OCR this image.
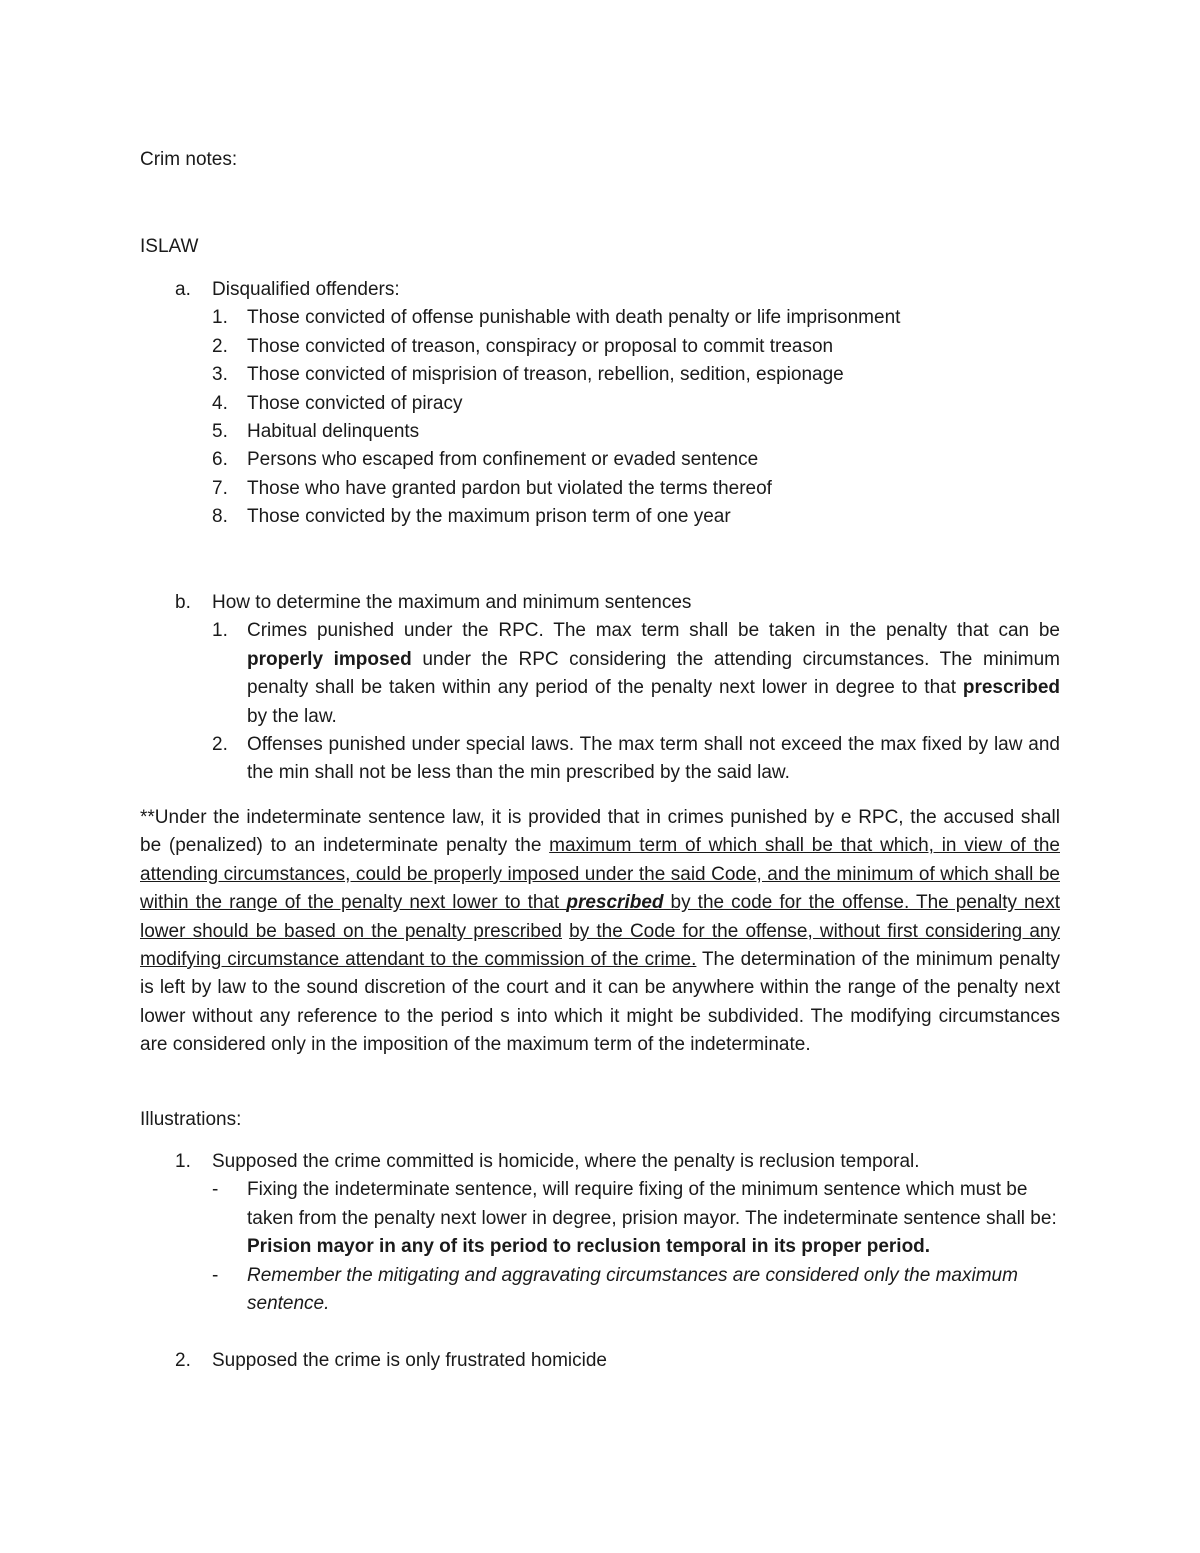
Crim notes:
ISLAW
a.	Disqualified offenders:
1.	Those convicted of offense punishable with death penalty or life imprisonment
2.	Those convicted of treason, conspiracy or proposal to commit treason
3.	Those convicted of misprision of treason, rebellion, sedition, espionage
4.	Those convicted of piracy
5.	Habitual delinquents
6.	Persons who escaped from confinement or evaded sentence
7.	Those who have granted pardon but violated the terms thereof
8.	Those convicted by the maximum prison term of one year
b.	How to determine the maximum and minimum sentences
1.	Crimes punished under the RPC. The max term shall be taken in the penalty that can be properly imposed under the RPC considering the attending circumstances. The minimum penalty shall be taken within any period of the penalty next lower in degree to that prescribed by the law.
2.	Offenses punished under special laws. The max term shall not exceed the max fixed by law and the min shall not be less than the min prescribed by the said law.

**Under the indeterminate sentence law, it is provided that in crimes punished by e RPC, the accused shall be (penalized) to an indeterminate penalty the maximum term of which shall be that which, in view of the attending circumstances, could be properly imposed under the said Code, and the minimum of which shall be within the range of the penalty next lower to that prescribed by the code for the offense. The penalty next lower should be based on the penalty prescribed by the Code for the offense, without first considering any modifying circumstance attendant to the commission of the crime. The determination of the minimum penalty is left by law to the sound discretion of the court and it can be anywhere within the range of the penalty next lower without any reference to the period s into which it might be subdivided. The modifying circumstances are considered only in the imposition of the maximum term of the indeterminate.

Illustrations:
1.	Supposed the crime committed is homicide, where the penalty is reclusion temporal.
-	Fixing the indeterminate sentence, will require fixing of the minimum sentence which must be taken from the penalty next lower in degree, prision mayor. The indeterminate sentence shall be: Prision mayor in any of its period to reclusion temporal in its proper period.
-	Remember the mitigating and aggravating circumstances are considered only the maximum sentence.
2.	Supposed the crime is only frustrated homicide
